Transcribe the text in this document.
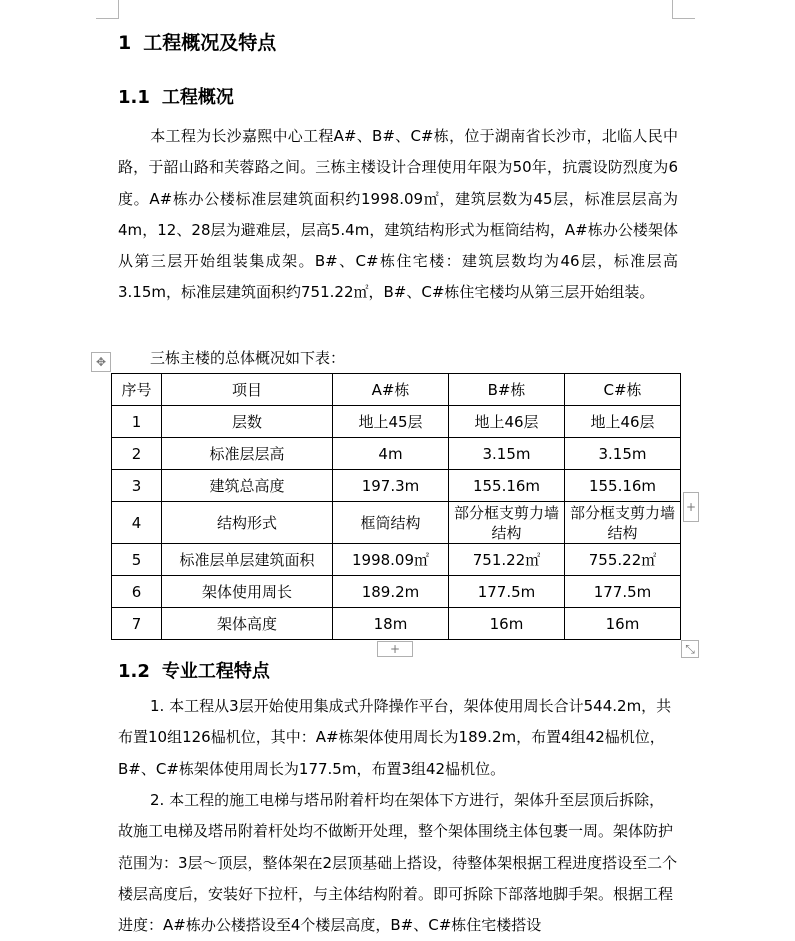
1 工程概况及特点
1.1 工程概况
本工程为长沙嘉熙中心工程A#、B#、C#栋，位于湖南省长沙市，北临人民中路，于韶山路和芙蓉路之间。三栋主楼设计合理使用年限为50年，抗震设防烈度为6度。A#栋办公楼标准层建筑面积约1998.09㎡，建筑层数为45层，标准层层高为4m，12、28层为避难层，层高5.4m，建筑结构形式为框筒结构，A#栋办公楼架体从第三层开始组装集成架。B#、C#栋住宅楼：建筑层数均为46层，标准层高3.15m，标准层建筑面积约751.22㎡，B#、C#栋住宅楼均从第三层开始组装。
✥	三栋主楼的总体概况如下表：
序号	项目	A#栋	B#栋	C#栋
1	层数	地上45层	地上46层	地上46层
2	标准层层高	4m	3.15m	3.15m
3	建筑总高度	197.3m	155.16m	155.16m
4	结构形式	框筒结构	部分框支剪力墙结构	部分框支剪力墙结构
5	标准层单层建筑面积	1998.09㎡	751.22㎡	755.22㎡
6	架体使用周长	189.2m	177.5m	177.5m
7	架体高度	18m	16m	16m
+
+	⤡
1.2 专业工程特点
1. 本工程从3层开始使用集成式升降操作平台，架体使用周长合计544.2m，共布置10组126榀机位，其中：A#栋架体使用周长为189.2m，布置4组42榀机位，B#、C#栋架体使用周长为177.5m，布置3组42榀机位。
2. 本工程的施工电梯与塔吊附着杆均在架体下方进行，架体升至层顶后拆除，故施工电梯及塔吊附着杆处均不做断开处理，整个架体围绕主体包裹一周。架体防护范围为：3层～顶层，整体架在2层顶基础上搭设，待整体架根据工程进度搭设至二个楼层高度后，安装好下拉杆，与主体结构附着。即可拆除下部落地脚手架。根据工程进度：A#栋办公楼搭设至4个楼层高度，B#、C#栋住宅楼搭设
